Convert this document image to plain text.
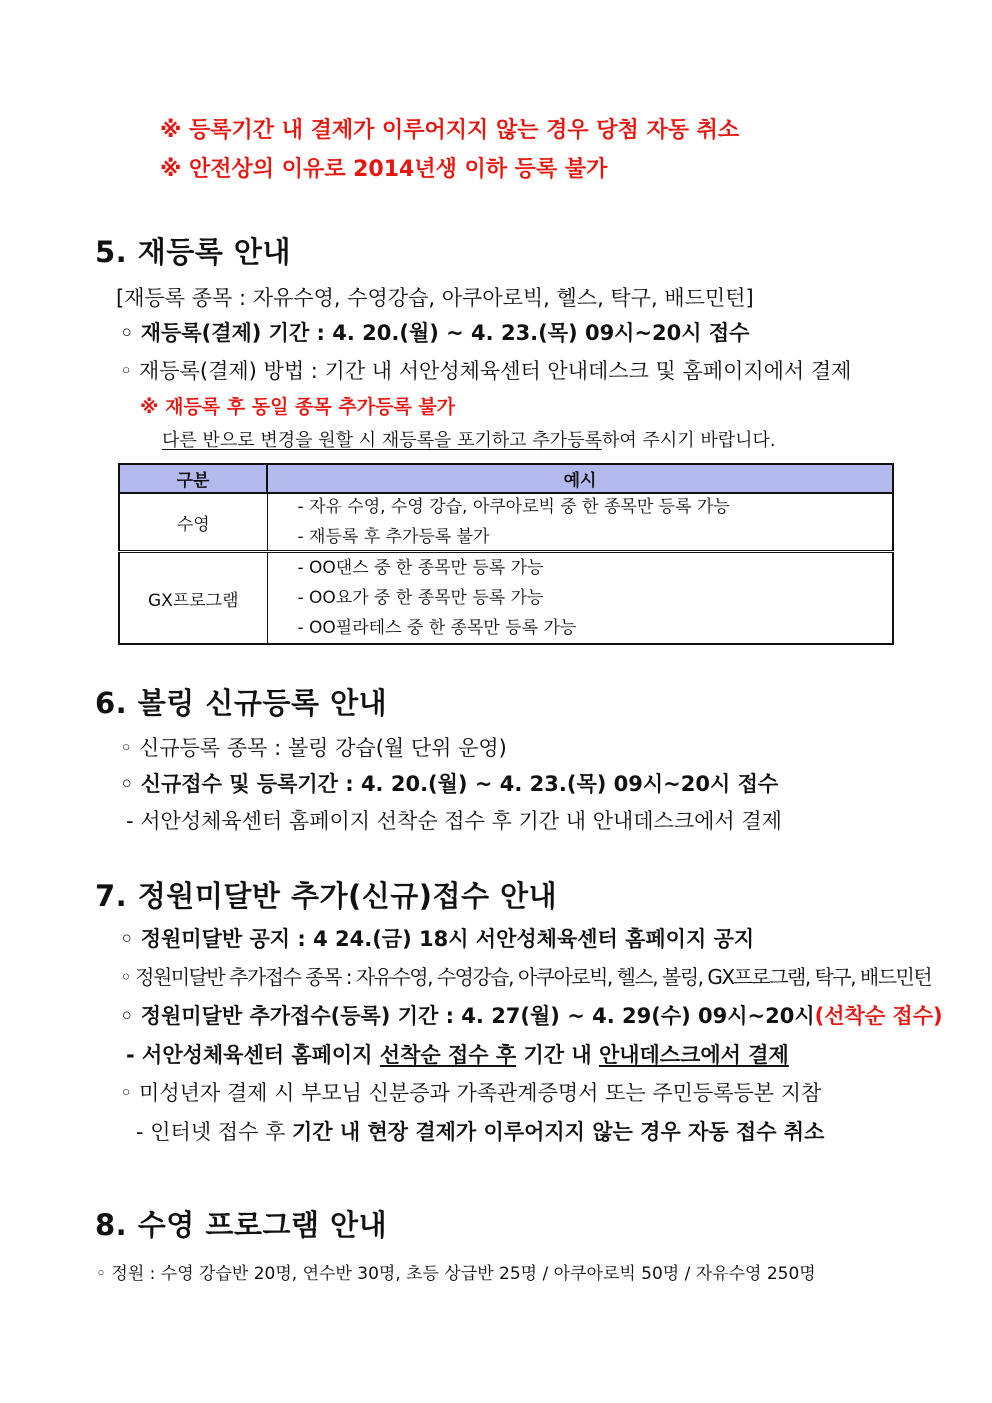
※ 등록기간 내 결제가 이루어지지 않는 경우 당첨 자동 취소
※ 안전상의 이유로 2014년생 이하 등록 불가
5. 재등록 안내
[재등록 종목 : 자유수영, 수영강습, 아쿠아로빅, 헬스, 탁구, 배드민턴]
◦ 재등록(결제) 기간 : 4. 20.(월) ~ 4. 23.(목) 09시~20시 접수
◦ 재등록(결제) 방법 : 기간 내 서안성체육센터 안내데스크 및 홈페이지에서 결제
※ 재등록 후 동일 종목 추가등록 불가
다른 반으로 변경을 원할 시 재등록을 포기하고 추가등록하여 주시기 바랍니다.
구분	예시
수영	- 자유 수영, 수영 강습, 아쿠아로빅 중 한 종목만 등록 가능
- 재등록 후 추가등록 불가

GX프로그램	- OO댄스 중 한 종목만 등록 가능
- OO요가 중 한 종목만 등록 가능
- OO필라테스 중 한 종목만 등록 가능
6. 볼링 신규등록 안내
◦ 신규등록 종목 : 볼링 강습(월 단위 운영)
◦ 신규접수 및 등록기간 : 4. 20.(월) ~ 4. 23.(목) 09시~20시 접수
- 서안성체육센터 홈페이지 선착순 접수 후 기간 내 안내데스크에서 결제
7. 정원미달반 추가(신규)접수 안내
◦ 정원미달반 공지 : 4 24.(금) 18시 서안성체육센터 홈페이지 공지
◦ 정원미달반 추가접수 종목 : 자유수영, 수영강습, 아쿠아로빅, 헬스, 볼링, GX프로그램, 탁구, 배드민턴
◦ 정원미달반 추가접수(등록) 기간 : 4. 27(월) ~ 4. 29(수) 09시~20시(선착순 접수)
- 서안성체육센터 홈페이지 선착순 접수 후 기간 내 안내데스크에서 결제
◦ 미성년자 결제 시 부모님 신분증과 가족관계증명서 또는 주민등록등본 지참
- 인터넷 접수 후 기간 내 현장 결제가 이루어지지 않는 경우 자동 접수 취소
8. 수영 프로그램 안내
◦ 정원 : 수영 강습반 20명, 연수반 30명, 초등 상급반 25명 / 아쿠아로빅 50명 / 자유수영 250명
